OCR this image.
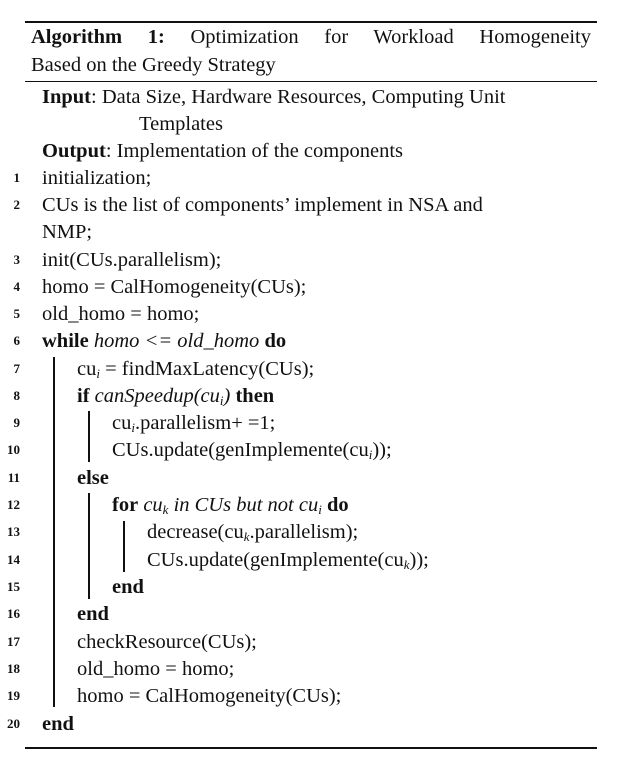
Algorithm 1: Optimization for Workload Homogeneity
Based on the Greedy Strategy
Input: Data Size, Hardware Resources, Computing Unit
Templates
Output: Implementation of the components
1 initialization;
2 CUs is the list of components’ implement in NSA and
NMP;
3 init(CUs.parallelism);
4 homo = CalHomogeneity(CUs);
5 old_homo = homo;
6 while homo <= old_homo do
7	$cu_i$ = findMaxLatency(CUs);
8	if $canSpeedup(cu_i)$ then
9	$cu_i.parallelism+ =1$;
10	$CUs.update(genImplemente(cu_i))$;
11	else
12	for $cu_k$ in CUs but not $cu_i$ do
13	$decrease(cu_k.parallelism)$;
14	$CUs.update(genImplemente(cu_k))$;
15	end
16	end
17	checkResource(CUs);
18	old_homo = homo;
19	homo = CalHomogeneity(CUs);
20 end
